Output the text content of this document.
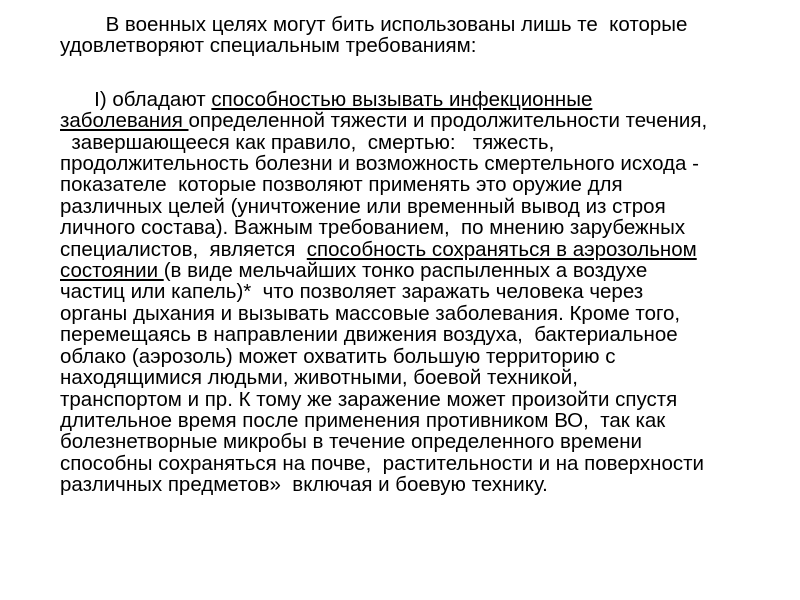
В военных целях могут бить использованы лишь те  которые
удовлетворяют специальным требованиям:
I) обладают способностью вызывать инфекционные
заболевания определенной тяжести и продолжительности течения,
завершающееся как правило,  смертью:   тяжесть,
продолжительность болезни и возможность смертельного исхода -
показателе  которые позволяют применять это оружие для
различных целей (уничтожение или временный вывод из строя
личного состава). Важным требованием,  по мнению зарубежных
специалистов,  является  способность сохраняться в аэрозольном
состоянии (в виде мельчайших тонко распыленных а воздухе
частиц или капель)*  что позволяет заражать человека через
органы дыхания и вызывать массовые заболевания. Кроме того,
перемещаясь в направлении движения воздуха,  бактериальное
облако (аэрозоль) может охватить большую территорию с
находящимися людьми, животными, боевой техникой,
транспортом и пр. К тому же заражение может произойти спустя
длительное время после применения противником ВО,  так как
болезнетворные микробы в течение определенного времени
способны сохраняться на почве,  растительности и на поверхности
различных предметов»  включая и боевую технику.
